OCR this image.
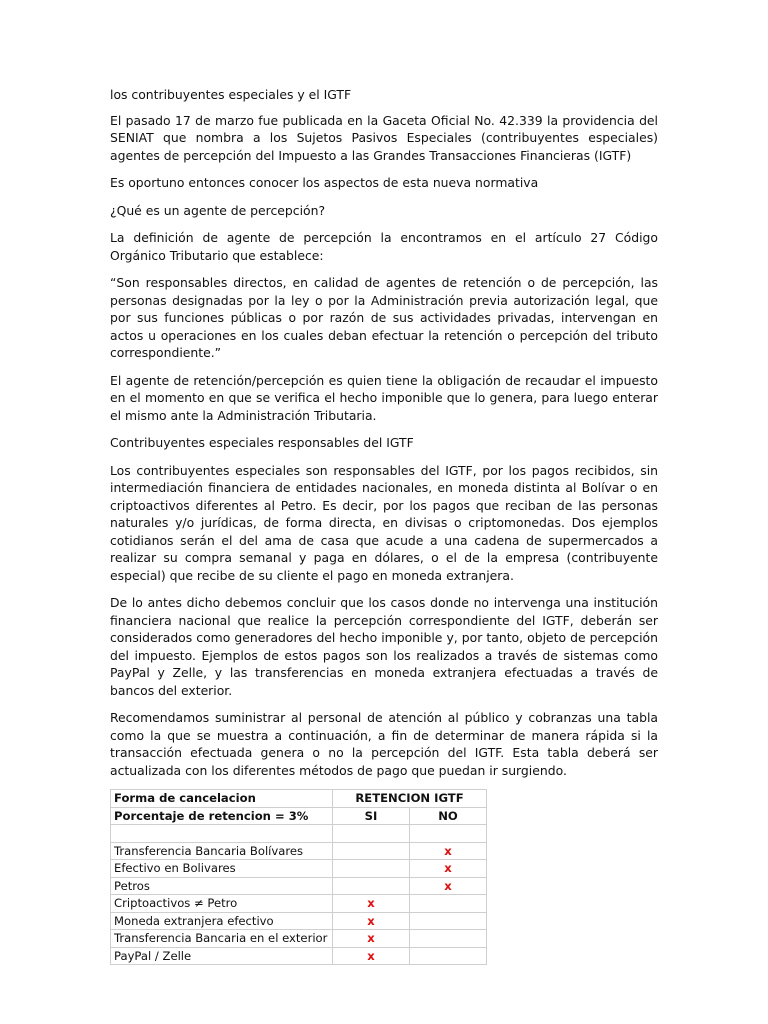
los contribuyentes especiales y el IGTF

El pasado 17 de marzo fue publicada en la Gaceta Oficial No. 42.339 la providencia del SENIAT que nombra a los Sujetos Pasivos Especiales (contribuyentes especiales) agentes de percepción del Impuesto a las Grandes Transacciones Financieras (IGTF)

Es oportuno entonces conocer los aspectos de esta nueva normativa

¿Qué es un agente de percepción?

La definición de agente de percepción la encontramos en el artículo 27 Código Orgánico Tributario que establece:

“Son responsables directos, en calidad de agentes de retención o de percepción, las personas designadas por la ley o por la Administración previa autorización legal, que por sus funciones públicas o por razón de sus actividades privadas, intervengan en actos u operaciones en los cuales deban efectuar la retención o percepción del tributo correspondiente.”

El agente de retención/percepción es quien tiene la obligación de recaudar el impuesto en el momento en que se verifica el hecho imponible que lo genera, para luego enterar el mismo ante la Administración Tributaria.

Contribuyentes especiales responsables del IGTF

Los contribuyentes especiales son responsables del IGTF, por los pagos recibidos, sin intermediación financiera de entidades nacionales, en moneda distinta al Bolívar o en criptoactivos diferentes al Petro. Es decir, por los pagos que reciban de las personas naturales y/o jurídicas, de forma directa, en divisas o criptomonedas. Dos ejemplos cotidianos serán el del ama de casa que acude a una cadena de supermercados a realizar su compra semanal y paga en dólares, o el de la empresa (contribuyente especial) que recibe de su cliente el pago en moneda extranjera.

De lo antes dicho debemos concluir que los casos donde no intervenga una institución financiera nacional que realice la percepción correspondiente del IGTF, deberán ser considerados como generadores del hecho imponible y, por tanto, objeto de percepción del impuesto. Ejemplos de estos pagos son los realizados a través de sistemas como PayPal y Zelle, y las transferencias en moneda extranjera efectuadas a través de bancos del exterior.

Recomendamos suministrar al personal de atención al público y cobranzas una tabla como la que se muestra a continuación, a fin de determinar de manera rápida si la transacción efectuada genera o no la percepción del IGTF. Esta tabla deberá ser actualizada con los diferentes métodos de pago que puedan ir surgiendo.

Forma de cancelacion	RETENCION IGTF	
Porcentaje de retencion = 3%	SI	NO

Transferencia Bancaria Bolívares		x
Efectivo en Bolivares		x
Petros		x
Criptoactivos ≠ Petro	x	
Moneda extranjera efectivo	x	
Transferencia Bancaria en el exterior	x	
PayPal / Zelle	x	
